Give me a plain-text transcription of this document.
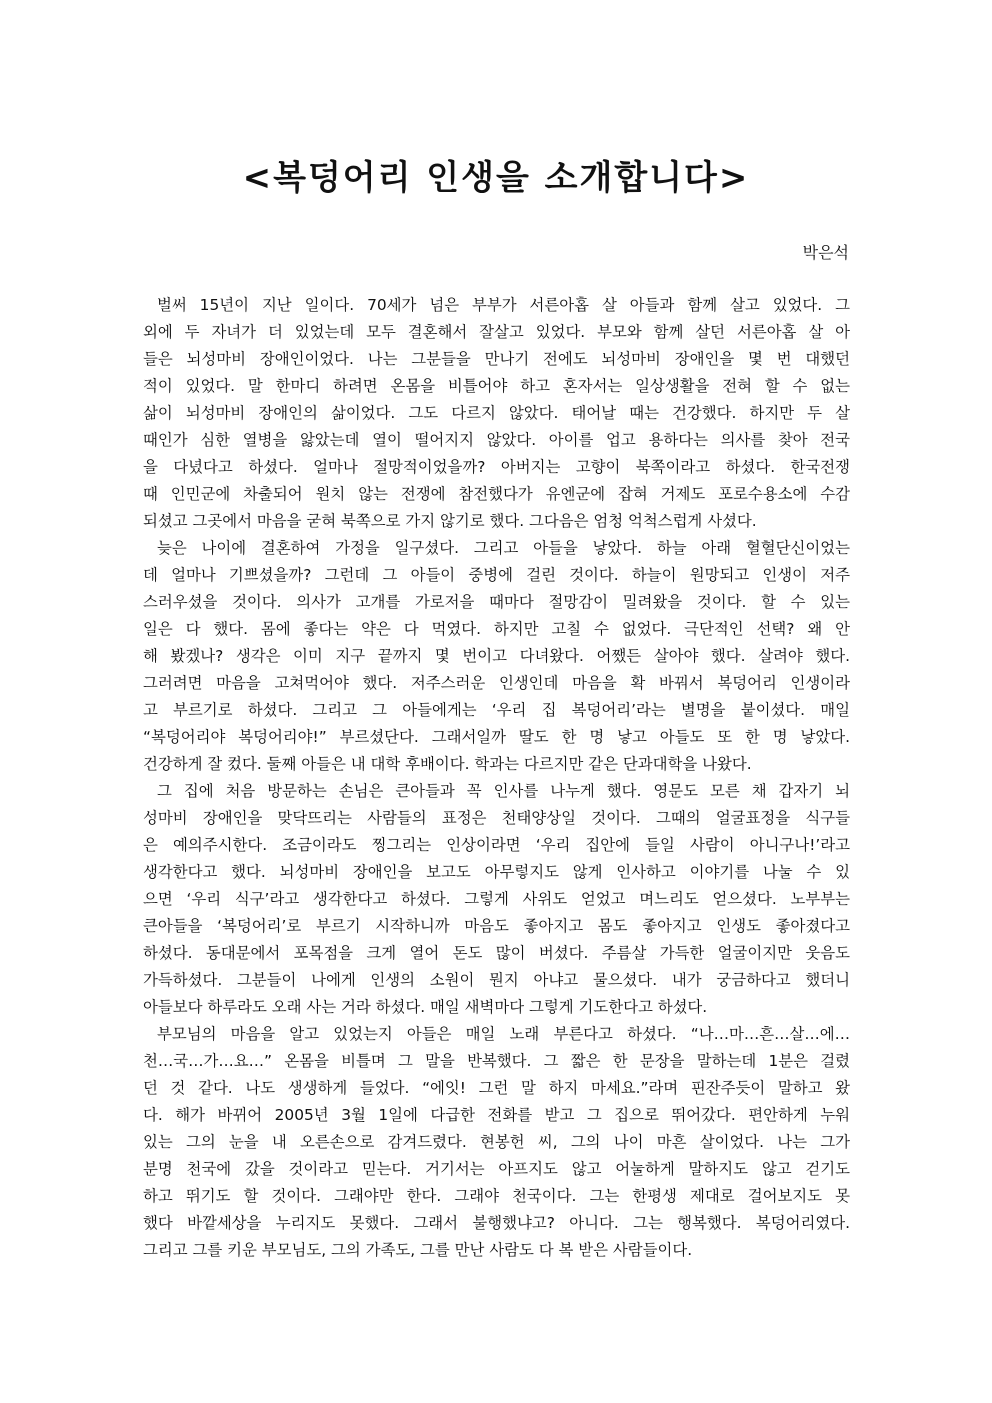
<복덩어리 인생을 소개합니다>
박은석
벌써 15년이 지난 일이다. 70세가 넘은 부부가 서른아홉 살 아들과 함께 살고 있었다. 그
외에 두 자녀가 더 있었는데 모두 결혼해서 잘살고 있었다. 부모와 함께 살던 서른아홉 살 아
들은 뇌성마비 장애인이었다. 나는 그분들을 만나기 전에도 뇌성마비 장애인을 몇 번 대했던
적이 있었다. 말 한마디 하려면 온몸을 비틀어야 하고 혼자서는 일상생활을 전혀 할 수 없는
삶이 뇌성마비 장애인의 삶이었다. 그도 다르지 않았다. 태어날 때는 건강했다. 하지만 두 살
때인가 심한 열병을 앓았는데 열이 떨어지지 않았다. 아이를 업고 용하다는 의사를 찾아 전국
을 다녔다고 하셨다. 얼마나 절망적이었을까? 아버지는 고향이 북쪽이라고 하셨다. 한국전쟁
때 인민군에 차출되어 원치 않는 전쟁에 참전했다가 유엔군에 잡혀 거제도 포로수용소에 수감
되셨고 그곳에서 마음을 굳혀 북쪽으로 가지 않기로 했다. 그다음은 엄청 억척스럽게 사셨다.
늦은 나이에 결혼하여 가정을 일구셨다. 그리고 아들을 낳았다. 하늘 아래 혈혈단신이었는
데 얼마나 기쁘셨을까? 그런데 그 아들이 중병에 걸린 것이다. 하늘이 원망되고 인생이 저주
스러우셨을 것이다. 의사가 고개를 가로저을 때마다 절망감이 밀려왔을 것이다. 할 수 있는
일은 다 했다. 몸에 좋다는 약은 다 먹였다. 하지만 고칠 수 없었다. 극단적인 선택? 왜 안
해 봤겠나? 생각은 이미 지구 끝까지 몇 번이고 다녀왔다. 어쨌든 살아야 했다. 살려야 했다.
그러려면 마음을 고쳐먹어야 했다. 저주스러운 인생인데 마음을 확 바꿔서 복덩어리 인생이라
고 부르기로 하셨다. 그리고 그 아들에게는 ‘우리 집 복덩어리’라는 별명을 붙이셨다. 매일
“복덩어리야 복덩어리야!” 부르셨단다. 그래서일까 딸도 한 명 낳고 아들도 또 한 명 낳았다.
건강하게 잘 컸다. 둘째 아들은 내 대학 후배이다. 학과는 다르지만 같은 단과대학을 나왔다.
그 집에 처음 방문하는 손님은 큰아들과 꼭 인사를 나누게 했다. 영문도 모른 채 갑자기 뇌
성마비 장애인을 맞닥뜨리는 사람들의 표정은 천태양상일 것이다. 그때의 얼굴표정을 식구들
은 예의주시한다. 조금이라도 찡그리는 인상이라면 ‘우리 집안에 들일 사람이 아니구나!’라고
생각한다고 했다. 뇌성마비 장애인을 보고도 아무렇지도 않게 인사하고 이야기를 나눌 수 있
으면 ‘우리 식구’라고 생각한다고 하셨다. 그렇게 사위도 얻었고 며느리도 얻으셨다. 노부부는
큰아들을 ‘복덩어리’로 부르기 시작하니까 마음도 좋아지고 몸도 좋아지고 인생도 좋아졌다고
하셨다. 동대문에서 포목점을 크게 열어 돈도 많이 버셨다. 주름살 가득한 얼굴이지만 웃음도
가득하셨다. 그분들이 나에게 인생의 소원이 뭔지 아냐고 물으셨다. 내가 궁금하다고 했더니
아들보다 하루라도 오래 사는 거라 하셨다. 매일 새벽마다 그렇게 기도한다고 하셨다.
부모님의 마음을 알고 있었는지 아들은 매일 노래 부른다고 하셨다. “나…마…흔…살…에…
천…국…가…요…” 온몸을 비틀며 그 말을 반복했다. 그 짧은 한 문장을 말하는데 1분은 걸렸
던 것 같다. 나도 생생하게 들었다. “에잇! 그런 말 하지 마세요.”라며 핀잔주듯이 말하고 왔
다. 해가 바뀌어 2005년 3월 1일에 다급한 전화를 받고 그 집으로 뛰어갔다. 편안하게 누워
있는 그의 눈을 내 오른손으로 감겨드렸다. 현봉헌 씨, 그의 나이 마흔 살이었다. 나는 그가
분명 천국에 갔을 것이라고 믿는다. 거기서는 아프지도 않고 어눌하게 말하지도 않고 걷기도
하고 뛰기도 할 것이다. 그래야만 한다. 그래야 천국이다. 그는 한평생 제대로 걸어보지도 못
했다 바깥세상을 누리지도 못했다. 그래서 불행했냐고? 아니다. 그는 행복했다. 복덩어리였다.
그리고 그를 키운 부모님도, 그의 가족도, 그를 만난 사람도 다 복 받은 사람들이다.
